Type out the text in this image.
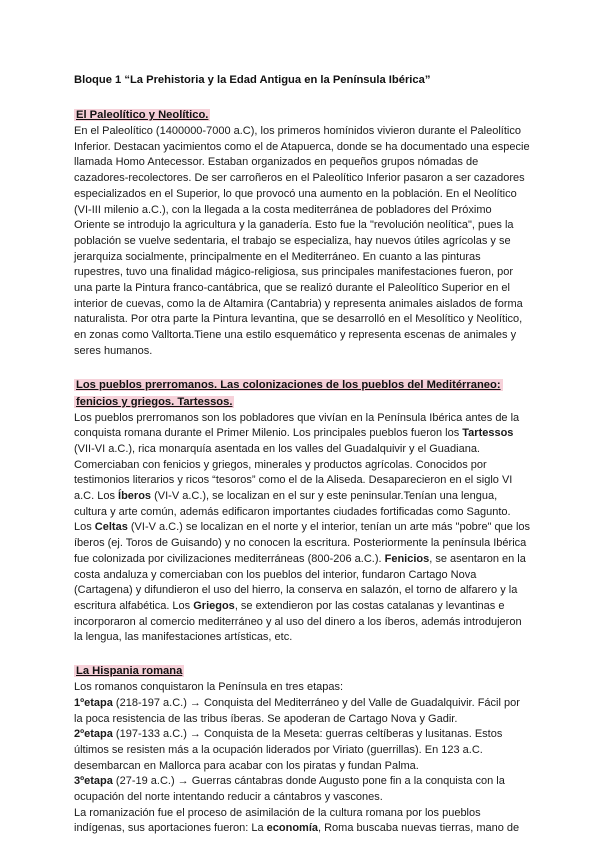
Bloque 1 “La Prehistoria y la Edad Antigua en la Península Ibérica”
El Paleolítico y Neolítico.

En el Paleolítico (1400000-7000 a.C), los primeros homínidos vivieron durante el Paleolítico Inferior. Destacan yacimientos como el de Atapuerca, donde se ha documentado una especie llamada Homo Antecessor. Estaban organizados en pequeños grupos nómadas de cazadores-recolectores. De ser carroñeros en el Paleolítico Inferior pasaron a ser cazadores especializados en el Superior, lo que provocó una aumento en la población. En el Neolítico (VI-III milenio a.C.), con la llegada a la costa mediterránea de pobladores del Próximo Oriente se introdujo la agricultura y la ganadería. Esto fue la "revolución neolítica", pues la población se vuelve sedentaria, el trabajo se especializa, hay nuevos útiles agrícolas y se jerarquiza socialmente, principalmente en el Mediterráneo. En cuanto a las pinturas rupestres, tuvo una finalidad mágico-religiosa, sus principales manifestaciones fueron, por una parte la Pintura franco-cantábrica, que se realizó durante el Paleolítico Superior en el interior de cuevas, como la de Altamira (Cantabria) y representa animales aislados de forma naturalista. Por otra parte la Pintura levantina, que se desarrolló en el Mesolítico y Neolítico, en zonas como Valltorta.Tiene una estilo esquemático y representa escenas de animales y seres humanos.

Los pueblos prerromanos. Las colonizaciones de los pueblos del Meditérraneo: fenicios y griegos. Tartessos.

Los pueblos prerromanos son los pobladores que vivían en la Península Ibérica antes de la conquista romana durante el Primer Milenio. Los principales pueblos fueron los Tartessos (VII-VI a.C.), rica monarquía asentada en los valles del Guadalquivir y el Guadiana. Comerciaban con fenicios y griegos, minerales y productos agrícolas. Conocidos por testimonios literarios y ricos “tesoros” como el de la Aliseda. Desaparecieron en el siglo VI a.C. Los Íberos (VI-V a.C.), se localizan en el sur y este peninsular.Tenían una lengua, cultura y arte común, además edificaron importantes ciudades fortificadas como Sagunto. Los Celtas (VI-V a.C.) se localizan en el norte y el interior, tenían un arte más "pobre" que los íberos (ej. Toros de Guisando) y no conocen la escritura. Posteriormente la península Ibérica fue colonizada por civilizaciones mediterráneas (800-206 a.C.). Fenicios, se asentaron en la costa andaluza y comerciaban con los pueblos del interior, fundaron Cartago Nova (Cartagena) y difundieron el uso del hierro, la conserva en salazón, el torno de alfarero y la escritura alfabética. Los Griegos, se extendieron por las costas catalanas y levantinas e incorporaron al comercio mediterráneo y al uso del dinero a los íberos, además introdujeron la lengua, las manifestaciones artísticas, etc.

La Hispania romana

Los romanos conquistaron la Península en tres etapas:

1ºetapa (218-197 a.C.) → Conquista del Mediterráneo y del Valle de Guadalquivir. Fácil por la poca resistencia de las tribus íberas. Se apoderan de Cartago Nova y Gadir.

2ºetapa (197-133 a.C.) → Conquista de la Meseta: guerras celtíberas y lusitanas. Estos últimos se resisten más a la ocupación liderados por Viriato (guerrillas). En 123 a.C. desembarcan en Mallorca para acabar con los piratas y fundan Palma.

3ºetapa (27-19 a.C.) → Guerras cántabras donde Augusto pone fin a la conquista con la ocupación del norte intentando reducir a cántabros y vascones.

La romanización fue el proceso de asimilación de la cultura romana por los pueblos indígenas, sus aportaciones fueron: La economía, Roma buscaba nuevas tierras, mano de
